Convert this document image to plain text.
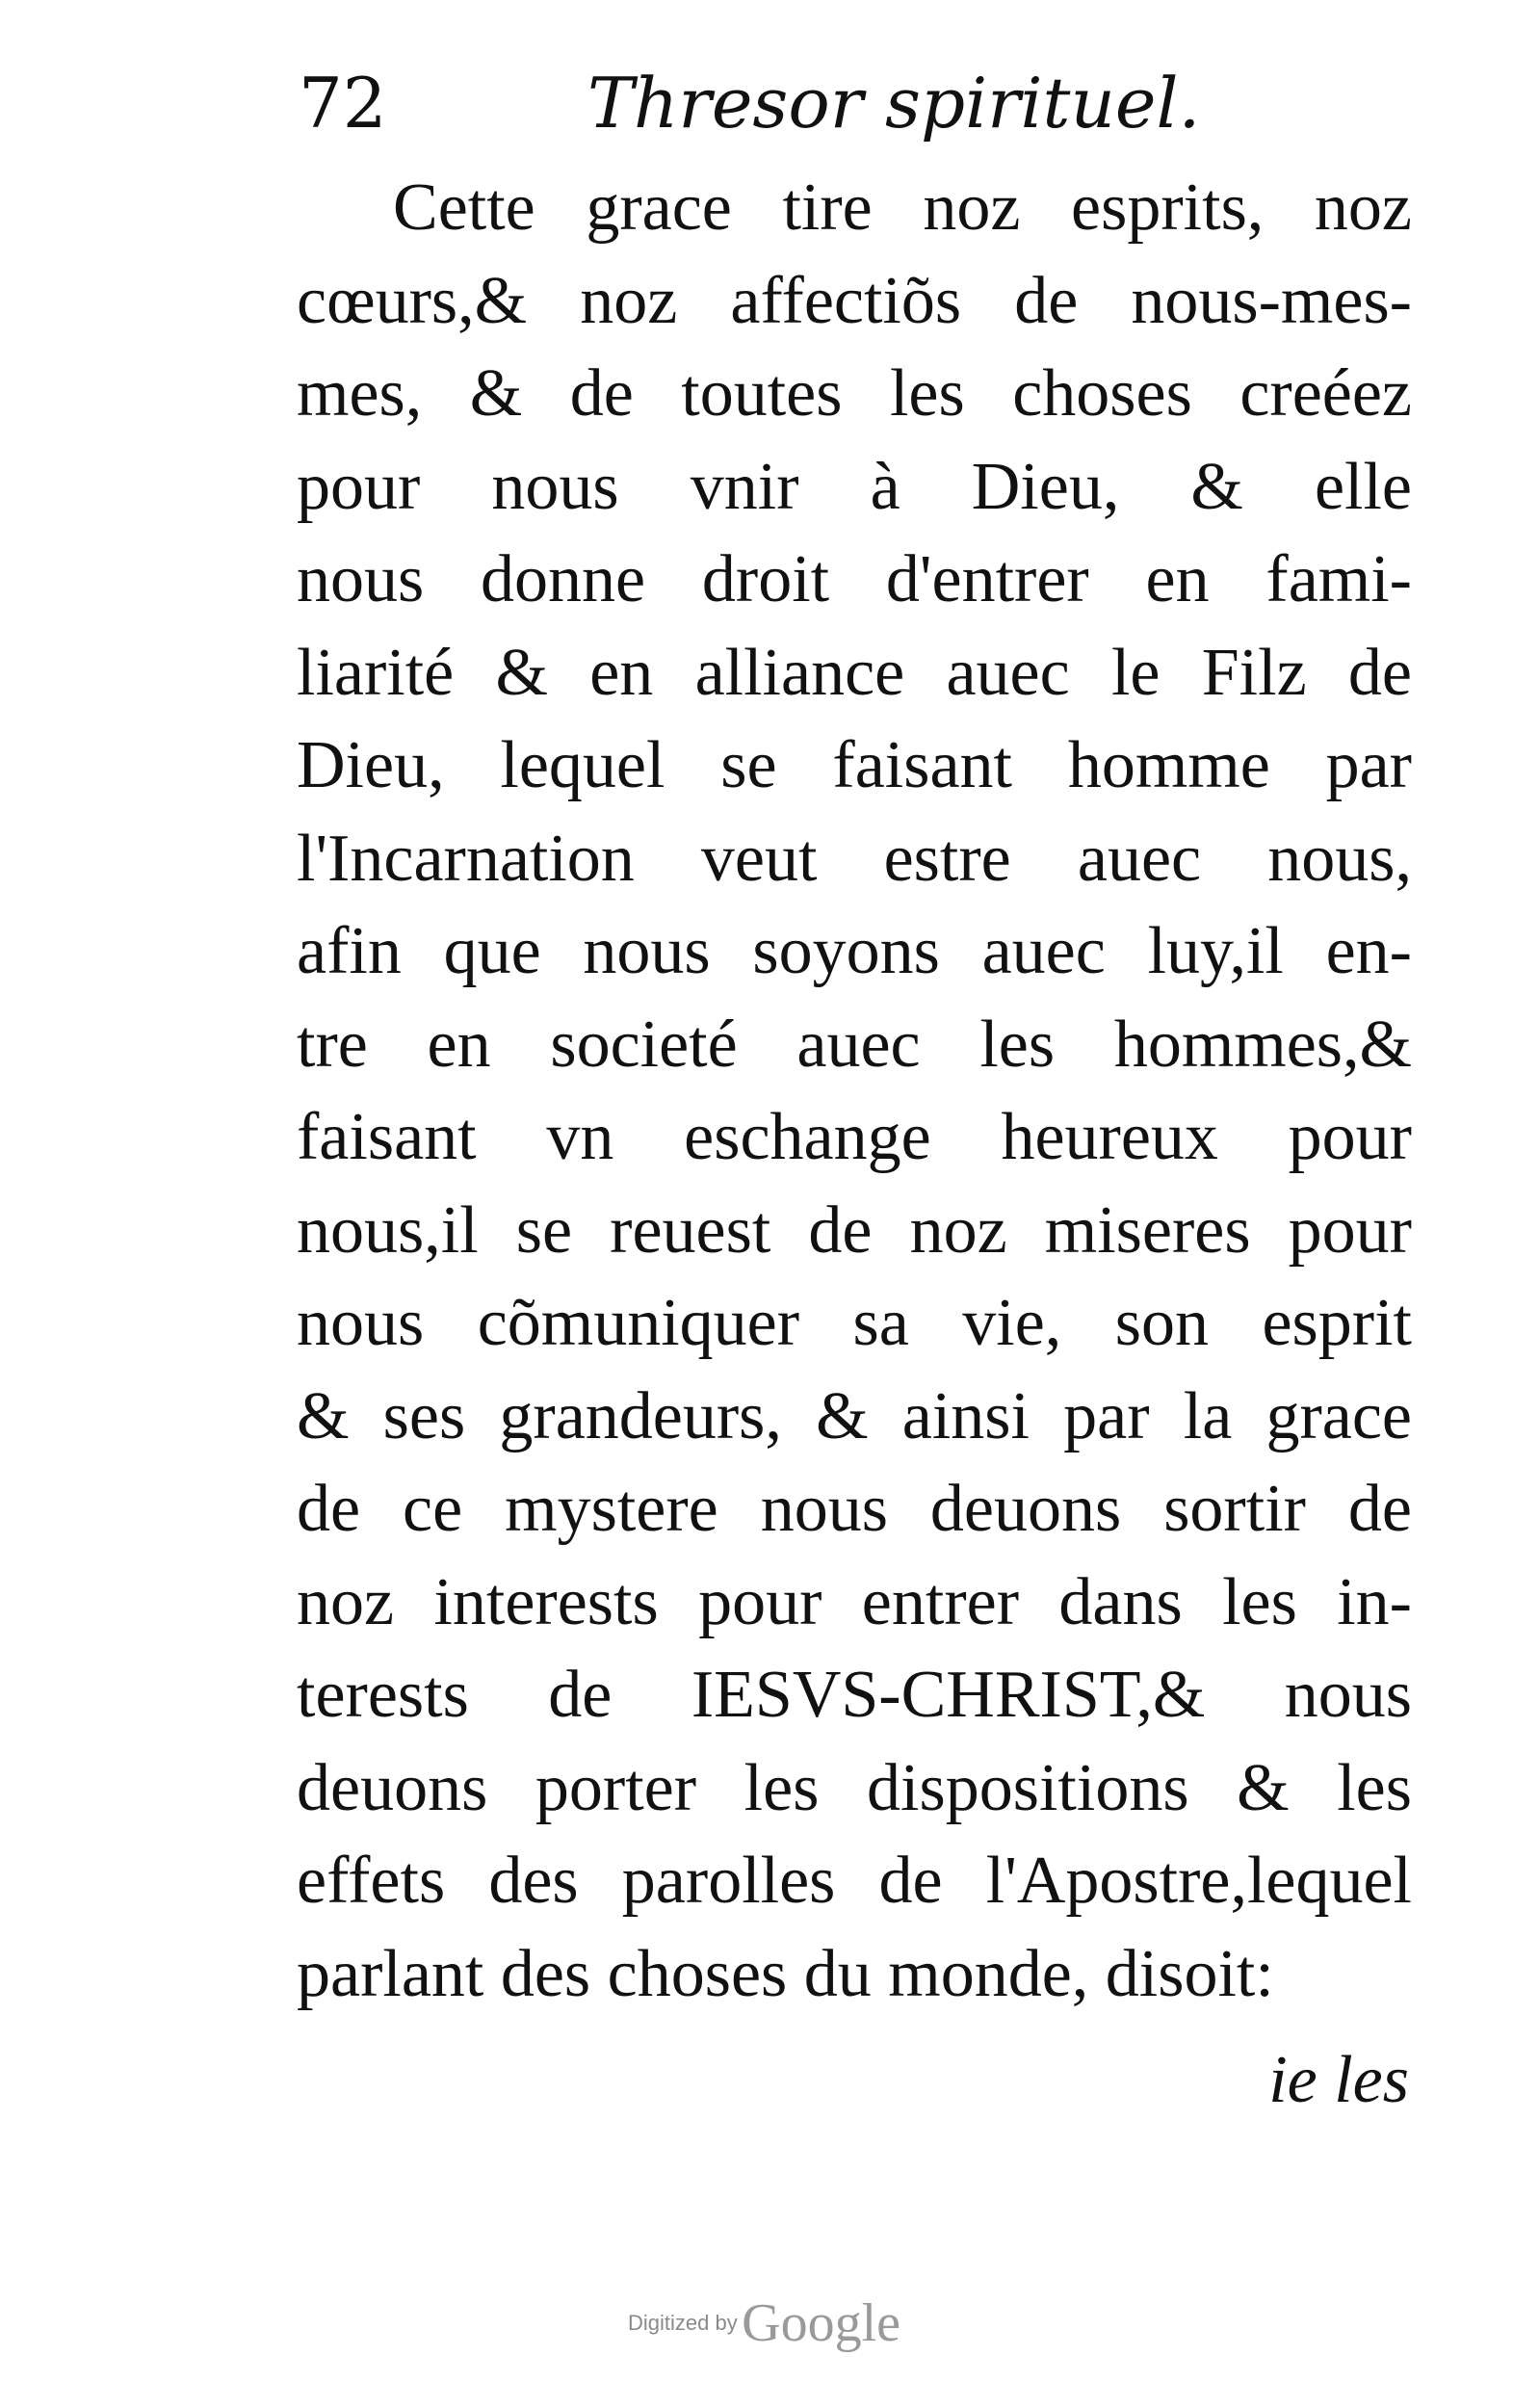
72	Thresor spirituel.
Cette grace tire noz esprits, noz
cœurs,& noz affectiõs de nous-mes-
mes, & de toutes les choses creéez
pour nous vnir à Dieu, & elle
nous donne droit d'entrer en fami-
liarité & en alliance auec le Filz de
Dieu, lequel se faisant homme par
l'Incarnation veut estre auec nous,
afin que nous soyons auec luy,il en-
tre en societé auec les hommes,&
faisant vn eschange heureux pour
nous,il se reuest de noz miseres pour
nous cõmuniquer sa vie, son esprit
& ses grandeurs, & ainsi par la grace
de ce mystere nous deuons sortir de
noz interests pour entrer dans les in-
terests de IESVS-CHRIST,& nous
deuons porter les dispositions & les
effets des parolles de l'Apostre,lequel
parlant des choses du monde, disoit:
ie les
Digitized by Google
